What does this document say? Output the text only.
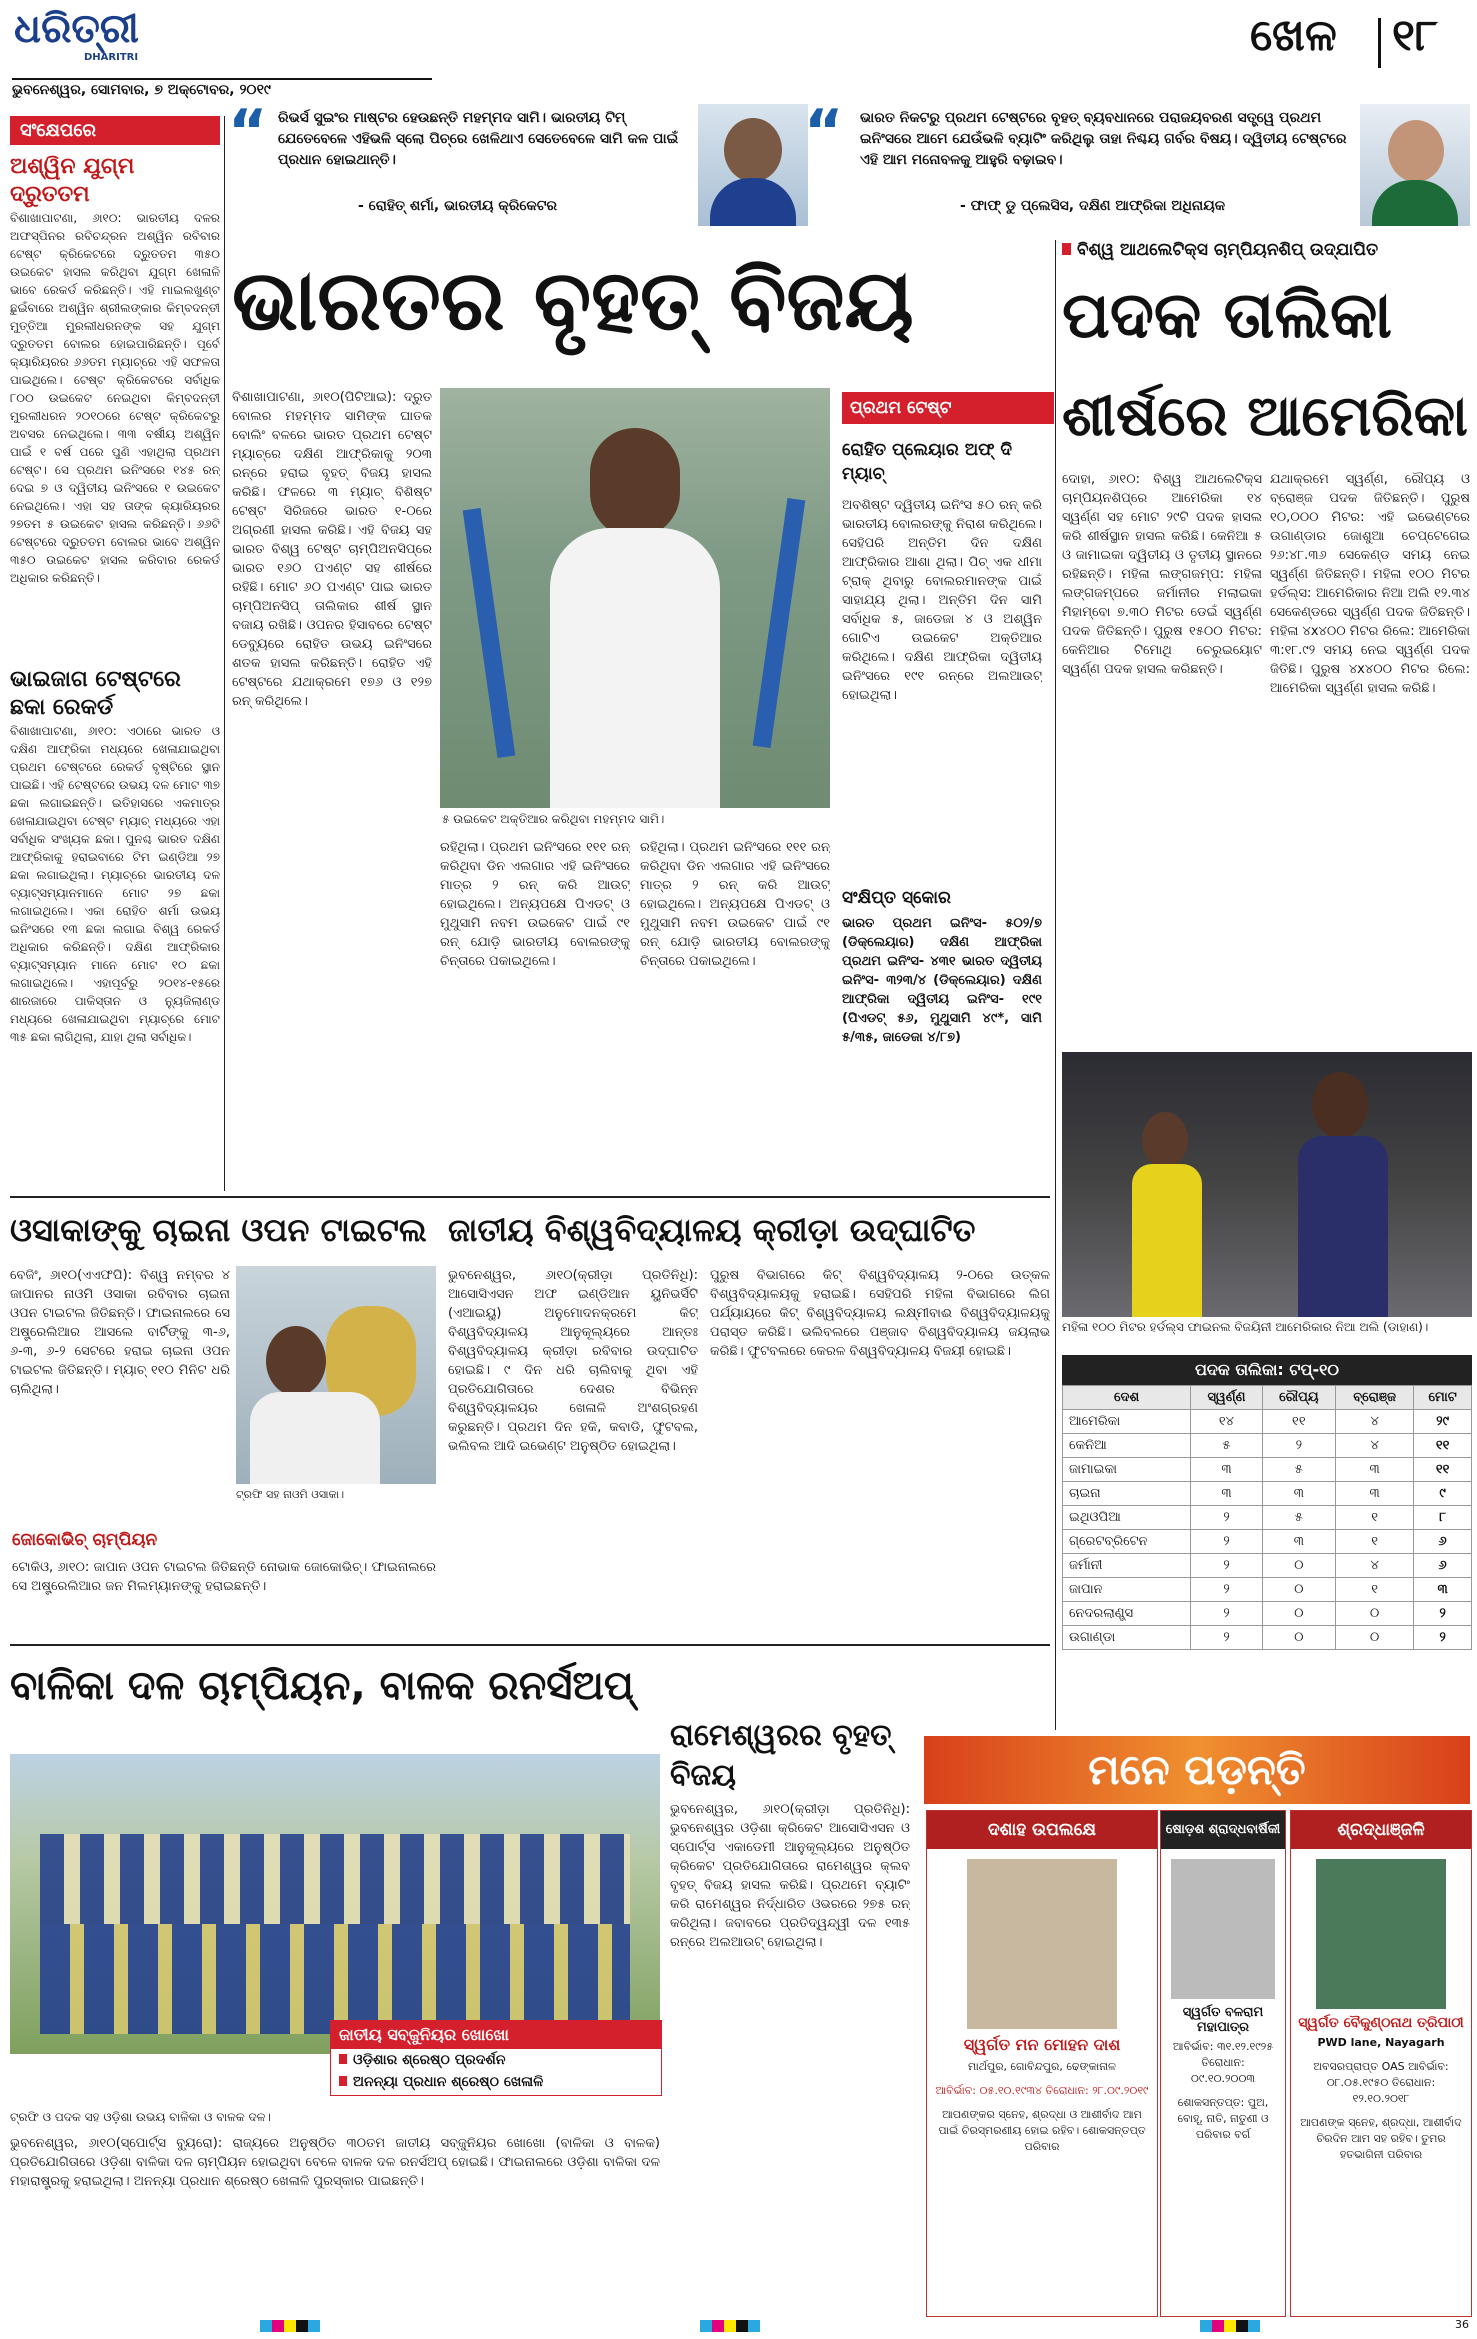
ଧରିତ୍ରୀ
DHARITRI
ଭୁବନେଶ୍ୱର, ସୋମବାର, ୭ ଅକ୍ଟୋବର, ୨୦୧୯
ଖେଳ ୧୮
“ ରିଭର୍ସ ସୁଇଂର ମାଷ୍ଟର ହେଉଛନ୍ତି ମହମ୍ମଦ ସାମି। ଭାରତୀୟ ଟିମ୍ ଯେତେବେଳେ ଏହିଭଳି ସ୍ଲୋ ପିଚ୍‌ରେ ଖେଳିଥାଏ ସେତେବେଳେ ସାମି କଳ ପାଇଁ ପ୍ରଧାନ ହୋଇଥାନ୍ତି।
- ରୋହିତ୍ ଶର୍ମା, ଭାରତୀୟ କ୍ରିକେଟର
“ ଭାରତ ନିକଟରୁ ପ୍ରଥମ ଟେଷ୍ଟରେ ବୃହତ୍ ବ୍ୟବଧାନରେ ପରାଜୟବରଣ ସତ୍ତ୍ୱେ ପ୍ରଥମ ଇନିଂସରେ ଆମେ ଯେଉଁଭଳି ବ୍ୟାଟିଂ କରିଥିଲୁ ତାହା ନିଶ୍ଚୟ ଗର୍ବର ବିଷୟ। ଦ୍ୱିତୀୟ ଟେଷ୍ଟରେ ଏହି ଆମ ମନୋବଳକୁ ଆହୁରି ବଢ଼ାଇବ।
- ଫାଫ୍ ଡୁ ପ୍ଲେସିସ, ଦକ୍ଷିଣ ଆଫ୍ରିକା ଅଧିନାୟକ
ସଂକ୍ଷେପରେ
ଅଶ୍ୱିନ ଯୁଗ୍ମ ଦ୍ରୁତତମ
ବିଶାଖାପାଟଣା, ୬ା୧୦: ଭାରତୀୟ ଦଳର ଅଫସ୍ପିନର ରବିଚନ୍ଦ୍ରନ ଅଶ୍ୱିନ ରବିବାର ଟେଷ୍ଟ କ୍ରିକେଟରେ ଦ୍ରୁତତମ ୩୫୦ ଉଇକେଟ ହାସଲ କରିଥିବା ଯୁଗ୍ମ ଖେଳାଳି ଭାବେ ରେକର୍ଡ କରିଛନ୍ତି। ଏହି ମାଇଲଖୁଣ୍ଟ ଛୁଇଁବାରେ ଅଶ୍ୱିନ ଶ୍ରୀଲଙ୍କାର କିମ୍ବଦନ୍ତୀ ମୁତ୍ତିଆ ମୁରଲୀଧରନଙ୍କ ସହ ଯୁଗ୍ମ ଦ୍ରୁତତମ ବୋଲର ହୋଇପାରିଛନ୍ତି। ପୂର୍ବେ କ୍ୟାରିୟରର ୬୬ତମ ମ୍ୟାଚ୍‌ରେ ଏହି ସଫଳତା ପାଇଥିଲେ। ଟେଷ୍ଟ କ୍ରିକେଟରେ ସର୍ବାଧିକ ୮୦୦ ଉଇକେଟ ନେଇଥିବା କିମ୍ବଦନ୍ତୀ ମୁରଲୀଧରନ ୨୦୧୦ରେ ଟେଷ୍ଟ କ୍ରିକେଟରୁ ଅବସର ନେଇଥିଲେ। ୩୩ ବର୍ଷୀୟ ଅଶ୍ୱିନ ପାଇଁ ୧ ବର୍ଷ ପରେ ପୁଣି ଏହାଥିଲା ପ୍ରଥମ ଟେଷ୍ଟ। ସେ ପ୍ରଥମ ଇନିଂସରେ ୧୪୫ ରନ୍ ଦେଇ ୭ ଓ ଦ୍ୱିତୀୟ ଇନିଂସରେ ୧ ଉଇକେଟ ନେଇଥିଲେ। ଏହା ସହ ତାଙ୍କ କ୍ୟାରିୟରର ୨୭ତମ ୫ ଉଇକେଟ ହାସଲ କରିଛନ୍ତି। ୬୬ଟି ଟେଷ୍ଟରେ ଦ୍ରୁତତମ ବୋଲର ଭାବେ ଅଶ୍ୱିନ ୩୫୦ ଉଇକେଟ ହାସଲ କରିବାର ରେକର୍ଡ ଅଧିକାର କରିଛନ୍ତି।
ଭାଇଜାଗ ଟେଷ୍ଟରେ ଛକା ରେକର୍ଡ
ବିଶାଖାପାଟଣା, ୬ା୧୦: ଏଠାରେ ଭାରତ ଓ ଦକ୍ଷିଣ ଆଫ୍ରିକା ମଧ୍ୟରେ ଖେଳାଯାଇଥିବା ପ୍ରଥମ ଟେଷ୍ଟରେ ରେକର୍ଡ ବୃଷ୍ଟିରେ ସ୍ଥାନ ପାଇଛି। ଏହି ଟେଷ୍ଟରେ ଉଭୟ ଦଳ ମୋଟ ୩୭ ଛକା ଲଗାଇଛନ୍ତି। ଇତିହାସରେ ଏକମାତ୍ର ଖେଳାଯାଇଥିବା ଟେଷ୍ଟ ମ୍ୟାଚ୍ ମଧ୍ୟରେ ଏହା ସର୍ବାଧିକ ସଂଖ୍ୟକ ଛକା। ପୁନଶ୍ଚ ଭାରତ ଦକ୍ଷିଣ ଆଫ୍ରିକାକୁ ହରାଇବାରେ ଟିମ ଇଣ୍ଡିଆ ୨୭ ଛକା ଲଗାଇଥିଲା। ମ୍ୟାଚ୍‌ରେ ଭାରତୀୟ ଦଳ ବ୍ୟାଟ୍ସମ୍ୟାନମାନେ ମୋଟ ୨୭ ଛକା ଲଗାଇଥିଲେ। ଏକା ରୋହିତ ଶର୍ମା ଉଭୟ ଇନିଂସରେ ୧୩ ଛକା ଲଗାଇ ବିଶ୍ୱ ରେକର୍ଡ ଅଧିକାର କରିଛନ୍ତି। ଦକ୍ଷିଣ ଆଫ୍ରିକାର ବ୍ୟାଟ୍ସମ୍ୟାନ ମାନେ ମୋଟ ୧୦ ଛକା ଲଗାଇଥିଲେ। ଏହାପୂର୍ବରୁ ୨୦୧୪-୧୫ରେ ଶାରଜାରେ ପାକିସ୍ତାନ ଓ ନ୍ୟୁଜିଲାଣ୍ଡ ମଧ୍ୟରେ ଖେଳାଯାଇଥିବା ମ୍ୟାଚ୍‌ରେ ମୋଟ ୩୫ ଛକା ଲାଗିଥିଲା, ଯାହା ଥିଲା ସର୍ବାଧିକ।
ଭାରତର ବୃହତ୍ ବିଜୟ
ବିଶାଖାପାଟଣା, ୬ା୧୦(ପିଟିଆଇ): ଦ୍ରୁତ ବୋଲର ମହମ୍ମଦ ସାମିଙ୍କ ଘାତକ ବୋଲିଂ ବଳରେ ଭାରତ ପ୍ରଥମ ଟେଷ୍ଟ ମ୍ୟାଚ୍‌ରେ ଦକ୍ଷିଣ ଆଫ୍ରିକାକୁ ୨୦୩ ରନ୍‌ରେ ହରାଇ ବୃହତ୍ ବିଜୟ ହାସଲ କରିଛି। ଫଳରେ ୩ ମ୍ୟାଚ୍ ବିଶିଷ୍ଟ ଟେଷ୍ଟ ସିରିଜରେ ଭାରତ ୧-୦ରେ ଅଗ୍ରଣୀ ହାସଲ କରିଛି। ଏହି ବିଜୟ ସହ ଭାରତ ବିଶ୍ୱ ଟେଷ୍ଟ ଚାମ୍ପିଅନସିପ୍‌ରେ ଭାରତ ୧୬୦ ପଏଣ୍ଟ ସହ ଶୀର୍ଷରେ ରହିଛି। ମୋଟ ୬୦ ପଏଣ୍ଟ ପାଇ ଭାରତ ଚାମ୍ପିଅନସିପ୍ ତାଲିକାର ଶୀର୍ଷ ସ୍ଥାନ ବଜାୟ ରଖିଛି। ଓପନର ହିସାବରେ ଟେଷ୍ଟ ଡେବ୍ୟୁରେ ରୋହିତ ଉଭୟ ଇନିଂସରେ ଶତକ ହାସଲ କରିଛନ୍ତି। ରୋହିତ ଏହି ଟେଷ୍ଟରେ ଯଥାକ୍ରମେ ୧୭୬ ଓ ୧୨୭ ରନ୍ କରିଥିଲେ।
୫ ଉଇକେଟ ଅକ୍ତିଆର କରିଥିବା ମହମ୍ମଦ ସାମି।
ପ୍ରଥମ ଟେଷ୍ଟ
ରୋହିତ ପ୍ଲେୟାର ଅଫ୍ ଦି ମ୍ୟାଚ୍
ଅବଶିଷ୍ଟ ଦ୍ୱିତୀୟ ଇନିଂସ ୫୦ ରନ୍ କରି ଭାରତୀୟ ବୋଲରଙ୍କୁ ନିରାଶ କରିଥିଲେ। ସେହିପରି ଅନ୍ତିମ ଦିନ ଦକ୍ଷିଣ ଆଫ୍ରିକାର ଆଶା ଥିଲା। ପିଚ୍ ଏକ ଧୀମା ଟ୍ରାକ୍ ଥିବାରୁ ବୋଲରମାନଙ୍କ ପାଇଁ ସାହାଯ୍ୟ ଥିଲା। ଅନ୍ତିମ ଦିନ ସାମି ସର୍ବାଧିକ ୫, ଜାଡେଜା ୪ ଓ ଅଶ୍ୱିନ ଗୋଟିଏ ଉଇକେଟ ଅକ୍ତିଆର କରିଥିଲେ। ଦକ୍ଷିଣ ଆଫ୍ରିକା ଦ୍ୱିତୀୟ ଇନିଂସରେ ୧୯୧ ରନ୍‌ରେ ଅଲଆଉଟ୍ ହୋଇଥିଲା।
ରହିଥିଲା। ପ୍ରଥମ ଇନିଂସରେ ୧୧୧ ରନ୍ କରିଥିବା ଡିନ ଏଲଗାର ଏହି ଇନିଂସରେ ମାତ୍ର ୨ ରନ୍ କରି ଆଉଟ୍ ହୋଇଥିଲେ। ଅନ୍ୟପକ୍ଷେ ପିଏଡଟ୍ ଓ ମୁଥୁସାମି ନବମ ଉଇକେଟ ପାଇଁ ୯୧ ରନ୍ ଯୋଡ଼ି ଭାରତୀୟ ବୋଲରଙ୍କୁ ଚିନ୍ତାରେ ପକାଇଥିଲେ।
ରହିଥିଲା। ପ୍ରଥମ ଇନିଂସରେ ୧୧୧ ରନ୍ କରିଥିବା ଡିନ ଏଲଗାର ଏହି ଇନିଂସରେ ମାତ୍ର ୨ ରନ୍ କରି ଆଉଟ୍ ହୋଇଥିଲେ। ଅନ୍ୟପକ୍ଷେ ପିଏଡଟ୍ ଓ ମୁଥୁସାମି ନବମ ଉଇକେଟ ପାଇଁ ୯୧ ରନ୍ ଯୋଡ଼ି ଭାରତୀୟ ବୋଲରଙ୍କୁ ଚିନ୍ତାରେ ପକାଇଥିଲେ।
ସଂକ୍ଷିପ୍ତ ସ୍କୋର
ଭାରତ ପ୍ରଥମ ଇନିଂସ- ୫୦୨/୭ (ଡିକ୍ଲେୟାର) ଦକ୍ଷିଣ ଆଫ୍ରିକା ପ୍ରଥମ ଇନିଂସ- ୪୩୧ ଭାରତ ଦ୍ୱିତୀୟ ଇନିଂସ- ୩୨୩/୪ (ଡିକ୍ଲେୟାର) ଦକ୍ଷିଣ ଆଫ୍ରିକା ଦ୍ୱିତୀୟ ଇନିଂସ- ୧୯୧ (ପିଏଡଟ୍ ୫୬, ମୁଥୁସାମି ୪୯*, ସାମି ୫/୩୫, ଜାଡେଜା ୪/୮୭)
ବିଶ୍ୱ ଆଥଲେଟିକ୍ସ ଚାମ୍ପିୟନଶିପ୍ ଉଦ୍‌ଯାପିତ
ପଦକ ତାଲିକା
ଶୀର୍ଷରେ ଆମେରିକା
ଦୋହା, ୬ା୧୦: ବିଶ୍ୱ ଆଥଲେଟିକ୍ସ ଚାମ୍ପିୟନଶିପ୍‌ରେ ଆମେରିକା ୧୪ ସ୍ୱର୍ଣ୍ଣ ସହ ମୋଟ ୨୯ଟି ପଦକ ହାସଲ କରି ଶୀର୍ଷସ୍ଥାନ ହାସଲ କରିଛି। କେନିଆ ୫ ଓ ଜାମାଇକା ଦ୍ୱିତୀୟ ଓ ତୃତୀୟ ସ୍ଥାନରେ ରହିଛନ୍ତି। ମହିଳା ଲଙ୍ଗଜମ୍ପ: ମହିଳା ଲଙ୍ଗଜମ୍ପରେ ଜର୍ମାନୀର ମଲାଇକା ମିହାମ୍ବୋ ୭.୩୦ ମିଟର ଡେଇଁ ସ୍ୱର୍ଣ୍ଣ ପଦକ ଜିତିଛନ୍ତି। ପୁରୁଷ ୧୫୦୦ ମିଟର: କେନିଆର ଟିମୋଥି ଚେରୁଇୟୋଟ ସ୍ୱର୍ଣ୍ଣ ପଦକ ହାସଲ କରିଛନ୍ତି।
ଯଥାକ୍ରମେ ସ୍ୱର୍ଣ୍ଣ, ରୌପ୍ୟ ଓ ବ୍ରୋଞ୍ଜ ପଦକ ଜିତିଛନ୍ତି। ପୁରୁଷ ୧୦,୦୦୦ ମିଟର: ଏହି ଇଭେଣ୍ଟରେ ଉଗାଣ୍ଡାର ଜୋଶୁଆ ଚେପ୍ଟେଗେଇ ୨୬:୪୮.୩୬ ସେକେଣ୍ଡ ସମୟ ନେଇ ସ୍ୱର୍ଣ୍ଣ ଜିତିଛନ୍ତି। ମହିଳା ୧୦୦ ମିଟର ହର୍ଡଲ୍ସ: ଆମେରିକାର ନିଆ ଅଲି ୧୨.୩୪ ସେକେଣ୍ଡରେ ସ୍ୱର୍ଣ୍ଣ ପଦକ ଜିତିଛନ୍ତି। ମହିଳା ୪x୪୦୦ ମିଟର ରିଲେ: ଆମେରିକା ୩:୧୮.୯୨ ସମୟ ନେଇ ସ୍ୱର୍ଣ୍ଣ ପଦକ ଜିତିଛି। ପୁରୁଷ ୪x୪୦୦ ମିଟର ରିଲେ: ଆମେରିକା ସ୍ୱର୍ଣ୍ଣ ହାସଲ କରିଛି।
ମହିଳା ୧୦୦ ମିଟର ହର୍ଡଲ୍ସ ଫାଇନଲ ବିଜୟିନୀ ଆମେରିକାର ନିଆ ଅଲି (ଡାହାଣ)।
ପଦକ ତାଲିକା: ଟପ୍-୧୦
ଦେଶ	ସ୍ୱର୍ଣ୍ଣ	ରୌପ୍ୟ	ବ୍ରୋଞ୍ଜ	ମୋଟ
ଆମେରିକା	୧୪	୧୧	୪	୨୯
କେନିଆ	୫	୨	୪	୧୧
ଜାମାଇକା	୩	୫	୩	୧୧
ଚାଇନା	୩	୩	୩	୯
ଇଥିଓପିଆ	୨	୫	୧	୮
ଗ୍ରେଟବ୍ରିଟେନ	୨	୩	୧	୬
ଜର୍ମାନୀ	୨	୦	୪	୬
ଜାପାନ	୨	୦	୧	୩
ନେଦରଲାଣ୍ଡ୍ସ	୨	୦	୦	୨
ଉଗାଣ୍ଡା	୨	୦	୦	୨
ଓସାକାଙ୍କୁ ଚାଇନା ଓପନ ଟାଇଟଲ
ବେଜିଂ, ୬ା୧୦(ଏଏଫପି): ବିଶ୍ୱ ନମ୍ବର ୪ ଜାପାନର ନାଓମି ଓସାକା ରବିବାର ଚାଇନା ଓପନ ଟାଇଟଲ ଜିତିଛନ୍ତି। ଫାଇନାଲରେ ସେ ଅଷ୍ଟ୍ରେଲିଆର ଆସଲେ ବାର୍ଟିଙ୍କୁ ୩-୬, ୬-୩, ୬-୨ ସେଟରେ ହରାଇ ଚାଇନା ଓପନ ଟାଇଟଲ ଜିତିଛନ୍ତି। ମ୍ୟାଚ୍ ୧୧୦ ମିନିଟ ଧରି ଚାଲିଥିଲା।
ଟ୍ରଫି ସହ ନାଓମି ଓସାକା।
ଜୋକୋଭିଚ୍ ଚାମ୍ପିୟନ
ଟୋକିଓ, ୬ା୧୦: ଜାପାନ ଓପନ ଟାଇଟଲ ଜିତିଛନ୍ତି ନୋଭାକ ଜୋକୋଭିଚ୍। ଫାଇନାଲରେ ସେ ଅଷ୍ଟ୍ରେଲିଆର ଜନ ମିଲମ୍ୟାନଙ୍କୁ ହରାଇଛନ୍ତି।
ଜାତୀୟ ବିଶ୍ୱବିଦ୍ୟାଳୟ କ୍ରୀଡ଼ା ଉଦ୍‌ଘାଟିତ
ଭୁବନେଶ୍ୱର, ୬ା୧୦(କ୍ରୀଡ଼ା ପ୍ରତିନିଧି): ଆସୋସିଏସନ ଅଫ ଇଣ୍ଡିଆନ ୟୁନିଭର୍ସିଟି (ଏଆଇୟୁ) ଅନୁମୋଦନକ୍ରମେ କିଟ୍ ବିଶ୍ୱବିଦ୍ୟାଳୟ ଆନୁକୂଲ୍ୟରେ ଆନ୍ତଃ ବିଶ୍ୱବିଦ୍ୟାଳୟ କ୍ରୀଡ଼ା ରବିବାର ଉଦ୍‌ଘାଟିତ ହୋଇଛି। ୯ ଦିନ ଧରି ଚାଲିବାକୁ ଥିବା ଏହି ପ୍ରତିଯୋଗିତାରେ ଦେଶର ବିଭିନ୍ନ ବିଶ୍ୱବିଦ୍ୟାଳୟର ଖେଳାଳି ଅଂଶଗ୍ରହଣ କରୁଛନ୍ତି। ପ୍ରଥମ ଦିନ ହକି, କବାଡି, ଫୁଟବଲ, ଭଲିବଲ ଆଦି ଇଭେଣ୍ଟ ଅନୁଷ୍ଠିତ ହୋଇଥିଲା।
ପୁରୁଷ ବିଭାଗରେ କିଟ୍ ବିଶ୍ୱବିଦ୍ୟାଳୟ ୨-୦ରେ ଉତ୍କଳ ବିଶ୍ୱବିଦ୍ୟାଳୟକୁ ହରାଇଛି। ସେହିପରି ମହିଳା ବିଭାଗରେ ଲିଗ ପର୍ଯ୍ୟାୟରେ କିଟ୍ ବିଶ୍ୱବିଦ୍ୟାଳୟ ଲକ୍ଷ୍ମୀବାଈ ବିଶ୍ୱବିଦ୍ୟାଳୟକୁ ପରାସ୍ତ କରିଛି। ଭଲିବଲରେ ପଞ୍ଜାବ ବିଶ୍ୱବିଦ୍ୟାଳୟ ଜୟଲାଭ କରିଛି। ଫୁଟବଲରେ କେରଳ ବିଶ୍ୱବିଦ୍ୟାଳୟ ବିଜୟୀ ହୋଇଛି।
ବାଳିକା ଦଳ ଚାମ୍ପିୟନ, ବାଳକ ରନର୍ସଅପ୍
ଜାତୀୟ ସବ୍‌ଜୁନିୟର ଖୋଖୋ
ଓଡ଼ିଶାର ଶ୍ରେଷ୍ଠ ପ୍ରଦର୍ଶନ
ଅନନ୍ୟା ପ୍ରଧାନ ଶ୍ରେଷ୍ଠ ଖେଳାଳି
ଟ୍ରଫି ଓ ପଦକ ସହ ଓଡ଼ିଶା ଉଭୟ ବାଳିକା ଓ ବାଳକ ଦଳ।
ଭୁବନେଶ୍ୱର, ୬ା୧୦(ସ୍ପୋର୍ଟ୍ସ ବ୍ୟୁରୋ): ରାଜ୍ୟରେ ଅନୁଷ୍ଠିତ ୩୦ତମ ଜାତୀୟ ସବ୍‌ଜୁନିୟର ଖୋଖୋ (ବାଳିକା ଓ ବାଳକ) ପ୍ରତିଯୋଗିତାରେ ଓଡ଼ିଶା ବାଳିକା ଦଳ ଚାମ୍ପିୟନ ହୋଇଥିବା ବେଳେ ବାଳକ ଦଳ ରନର୍ସଅପ୍ ହୋଇଛି। ଫାଇନାଲରେ ଓଡ଼ିଶା ବାଳିକା ଦଳ ମହାରାଷ୍ଟ୍ରକୁ ହରାଇଥିଲା। ଅନନ୍ୟା ପ୍ରଧାନ ଶ୍ରେଷ୍ଠ ଖେଳାଳି ପୁରସ୍କାର ପାଇଛନ୍ତି।
ରାମେଶ୍ୱରର ବୃହତ୍ ବିଜୟ
ଭୁବନେଶ୍ୱର, ୬ା୧୦(କ୍ରୀଡ଼ା ପ୍ରତିନିଧି): ଭୁବନେଶ୍ୱର ଓଡ଼ିଶା କ୍ରିକେଟ ଆସୋସିଏସନ ଓ ସ୍ପୋର୍ଟ୍ସ ଏକାଡେମୀ ଆନୁକୂଲ୍ୟରେ ଅନୁଷ୍ଠିତ କ୍ରିକେଟ ପ୍ରତିଯୋଗିତାରେ ରାମେଶ୍ୱର କ୍ଲବ ବୃହତ୍ ବିଜୟ ହାସଲ କରିଛି। ପ୍ରଥମେ ବ୍ୟାଟିଂ କରି ରାମେଶ୍ୱର ନିର୍ଦ୍ଧାରିତ ଓଭରରେ ୨୭୫ ରନ୍ କରିଥିଲା। ଜବାବରେ ପ୍ରତିଦ୍ୱନ୍ଦ୍ୱୀ ଦଳ ୧୩୫ ରନ୍‌ରେ ଅଲଆଉଟ୍ ହୋଇଥିଲା।
ମନେ ପଡ଼ନ୍ତି
ଦଶାହ ଉପଲକ୍ଷେ
ସ୍ୱର୍ଗତ ମନ ମୋହନ ଦାଶ
ମାର୍ଥପୁର, ଗୋବିନ୍ଦପୁର, ଢେଙ୍କାନାଳ
ଆବିର୍ଭାବ: ୦୫.୧୦.୧୯୩୪ ତିରୋଧାନ: ୨୮.୦୯.୨୦୧୯
ଆପଣଙ୍କର ସ୍ନେହ, ଶ୍ରଦ୍ଧା ଓ ଆଶୀର୍ବାଦ ଆମ ପାଇଁ ଚିରସ୍ମରଣୀୟ ହୋଇ ରହିବ। ଶୋକସନ୍ତପ୍ତ ପରିବାର
ଷୋଡ଼ଶ ଶ୍ରାଦ୍ଧବାର୍ଷିକୀ
ସ୍ୱର୍ଗତ ବଳରାମ ମହାପାତ୍ର
ଆବିର୍ଭାବ: ୩୧.୧୨.୧୯୨୫ ତିରୋଧାନ: ୦୯.୧୦.୨୦୦୩
ଶୋକସନ୍ତପ୍ତ: ପୁଅ, ବୋହୂ, ନାତି, ନାତୁଣୀ ଓ ପରିବାର ବର୍ଗ
ଶ୍ରଦ୍ଧାଞ୍ଜଳି
ସ୍ୱର୍ଗତ ବୈକୁଣ୍ଠନାଥ ତ୍ରିପାଠୀ
PWD lane, Nayagarh
ଅବସରପ୍ରାପ୍ତ OAS ଆବିର୍ଭାବ: ୦୮.୦୫.୧୯୫୦ ତିରୋଧାନ: ୧୨.୧୦.୨୦୧୮
ଆପଣଙ୍କ ସ୍ନେହ, ଶ୍ରଦ୍ଧା, ଆଶୀର୍ବାଦ ଚିରଦିନ ଆମ ସହ ରହିବ। ତୁମର ହତଭାଗିନୀ ପରିବାର
36
